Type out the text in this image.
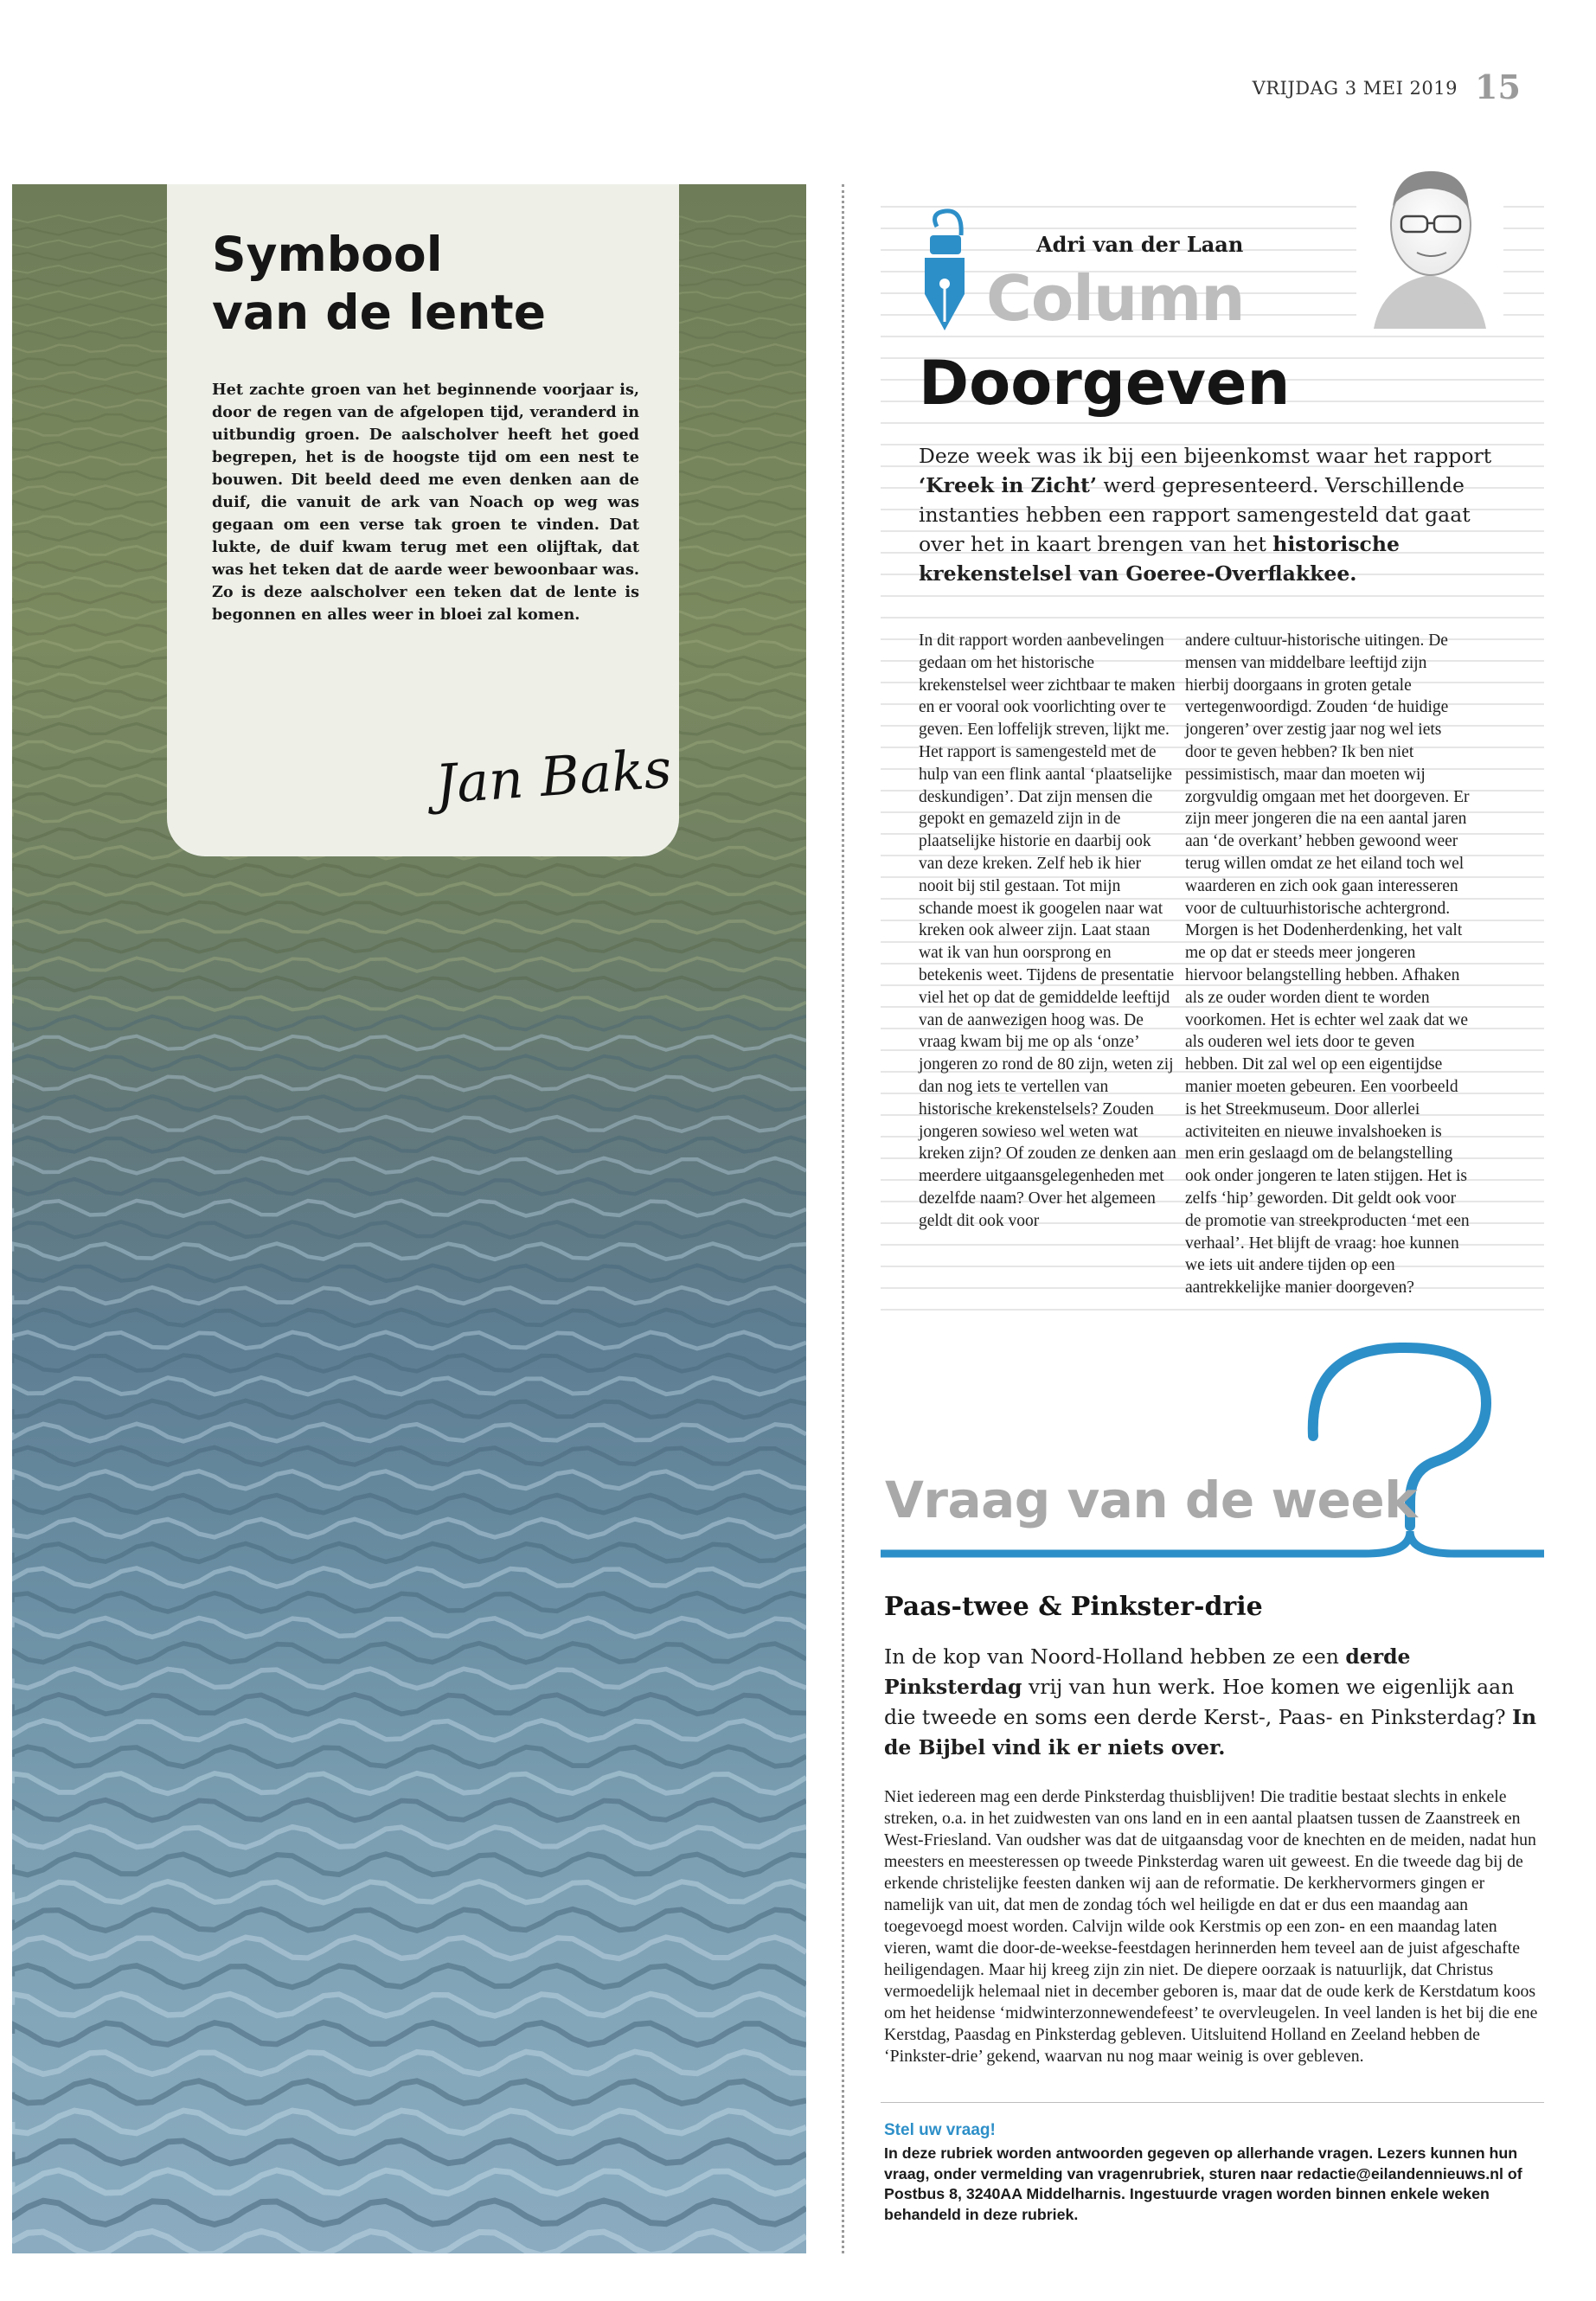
VRIJDAG 3 MEI 2019 15
Symbool
van de lente

Het zachte groen van het beginnende voorjaar is, door de regen van de afgelopen tijd, veranderd in uitbundig groen. De aalscholver heeft het goed begrepen, het is de hoogste tijd om een nest te bouwen. Dit beeld deed me even denken aan de duif, die vanuit de ark van Noach op weg was gegaan om een verse tak groen te vinden. Dat lukte, de duif kwam terug met een olijftak, dat was het teken dat de aarde weer bewoonbaar was. Zo is deze aalscholver een teken dat de lente is begonnen en alles weer in bloei zal komen.

Jan Baks
Adri van der Laan
Column
Doorgeven

Deze week was ik bij een bijeenkomst waar het rapport ‘Kreek in Zicht’ werd gepresenteerd. Verschillende instanties hebben een rapport samengesteld dat gaat over het in kaart brengen van het historische krekenstelsel van Goeree-Overflakkee.

In dit rapport worden aanbevelingen gedaan om het historische krekenstelsel weer zichtbaar te maken en er vooral ook voorlichting over te geven. Een loffelijk streven, lijkt me. Het rapport is samengesteld met de hulp van een flink aantal ‘plaatselijke deskundigen’. Dat zijn mensen die gepokt en gemazeld zijn in de plaatselijke historie en daarbij ook van deze kreken. Zelf heb ik hier nooit bij stil gestaan. Tot mijn schande moest ik googelen naar wat kreken ook alweer zijn. Laat staan wat ik van hun oorsprong en betekenis weet. Tijdens de presentatie viel het op dat de gemiddelde leeftijd van de aanwezigen hoog was. De vraag kwam bij me op als ‘onze’ jongeren zo rond de 80 zijn, weten zij dan nog iets te vertellen van historische krekenstelsels? Zouden jongeren sowieso wel weten wat kreken zijn? Of zouden ze denken aan meerdere uitgaansgelegenheden met dezelfde naam? Over het algemeen geldt dit ook voor

andere cultuur-historische uitingen. De mensen van middelbare leeftijd zijn hierbij doorgaans in groten getale vertegenwoordigd. Zouden ‘de huidige jongeren’ over zestig jaar nog wel iets door te geven hebben? Ik ben niet pessimistisch, maar dan moeten wij zorgvuldig omgaan met het doorgeven. Er zijn meer jongeren die na een aantal jaren aan ‘de overkant’ hebben gewoond weer terug willen omdat ze het eiland toch wel waarderen en zich ook gaan interesseren voor de cultuurhistorische achtergrond. Morgen is het Dodenherdenking, het valt me op dat er steeds meer jongeren hiervoor belangstelling hebben. Afhaken als ze ouder worden dient te worden voorkomen. Het is echter wel zaak dat we als ouderen wel iets door te geven hebben. Dit zal wel op een eigentijdse manier moeten gebeuren. Een voorbeeld is het Streekmuseum. Door allerlei activiteiten en nieuwe invalshoeken is men erin geslaagd om de belangstelling ook onder jongeren te laten stijgen. Het is zelfs ‘hip’ geworden. Dit geldt ook voor de promotie van streekproducten ‘met een verhaal’. Het blijft de vraag: hoe kunnen we iets uit andere tijden op een aantrekkelijke manier doorgeven?

Vraag van de week
Paas-twee & Pinkster-drie

In de kop van Noord-Holland hebben ze een derde Pinksterdag vrij van hun werk. Hoe komen we eigenlijk aan die tweede en soms een derde Kerst-, Paas- en Pinksterdag? In de Bijbel vind ik er niets over.

Niet iedereen mag een derde Pinksterdag thuisblijven! Die traditie bestaat slechts in enkele streken, o.a. in het zuidwesten van ons land en in een aantal plaatsen tussen de Zaanstreek en West-Friesland. Van oudsher was dat de uitgaansdag voor de knechten en de meiden, nadat hun meesters en meesteressen op tweede Pinksterdag waren uit geweest. En die tweede dag bij de erkende christelijke feesten danken wij aan de reformatie. De kerkhervormers gingen er namelijk van uit, dat men de zondag tóch wel heiligde en dat er dus een maandag aan toegevoegd moest worden. Calvijn wilde ook Kerstmis op een zon- en een maandag laten vieren, wamt die door-de-weekse-feestdagen herinnerden hem teveel aan de juist afgeschafte heiligendagen. Maar hij kreeg zijn zin niet. De diepere oorzaak is natuurlijk, dat Christus vermoedelijk helemaal niet in december geboren is, maar dat de oude kerk de Kerstdatum koos om het heidense ‘midwinterzonnewendefeest’ te overvleugelen. In veel landen is het bij die ene Kerstdag, Paasdag en Pinksterdag gebleven. Uitsluitend Holland en Zeeland hebben de ‘Pinkster-drie’ gekend, waarvan nu nog maar weinig is over gebleven.

Stel uw vraag!

In deze rubriek worden antwoorden gegeven op allerhande vragen. Lezers kunnen hun vraag, onder vermelding van vragenrubriek, sturen naar redactie@eilandennieuws.nl of Postbus 8, 3240AA Middelharnis. Ingestuurde vragen worden binnen enkele weken behandeld in deze rubriek.
